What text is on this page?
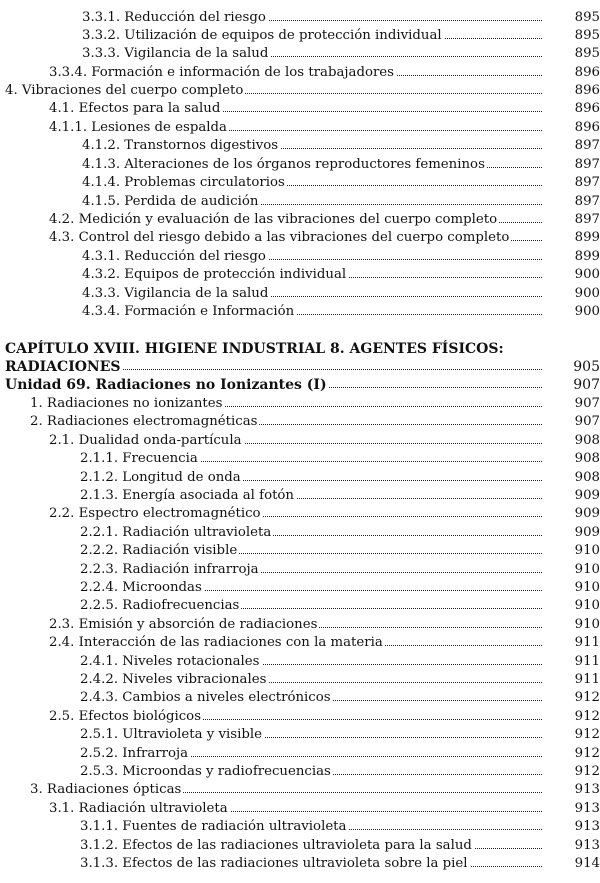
3.3.1. Reducción del riesgo	895
3.3.2. Utilización de equipos de protección individual	895
3.3.3. Vigilancia de la salud	895
3.3.4. Formación e información de los trabajadores	896
4. Vibraciones del cuerpo completo	896
4.1. Efectos para la salud	896
4.1.1. Lesiones de espalda	896
4.1.2. Transtornos digestivos	897
4.1.3. Alteraciones de los órganos reproductores femeninos	897
4.1.4. Problemas circulatorios	897
4.1.5. Perdida de audición	897
4.2. Medición y evaluación de las vibraciones del cuerpo completo	897
4.3. Control del riesgo debido a las vibraciones del cuerpo completo	899
4.3.1. Reducción del riesgo	899
4.3.2. Equipos de protección individual	900
4.3.3. Vigilancia de la salud	900
4.3.4. Formación e Información	900
CAPÍTULO XVIII. HIGIENE INDUSTRIAL 8. AGENTES FÍSICOS:
RADIACIONES	905
Unidad 69. Radiaciones no Ionizantes (I)	907
1. Radiaciones no ionizantes	907
2. Radiaciones electromagnéticas	907
2.1. Dualidad onda-partícula	908
2.1.1. Frecuencia	908
2.1.2. Longitud de onda	908
2.1.3. Energía asociada al fotón	909
2.2. Espectro electromagnético	909
2.2.1. Radiación ultravioleta	909
2.2.2. Radiación visible	910
2.2.3. Radiación infrarroja	910
2.2.4. Microondas	910
2.2.5. Radiofrecuencias	910
2.3. Emisión y absorción de radiaciones	910
2.4. Interacción de las radiaciones con la materia	911
2.4.1. Niveles rotacionales	911
2.4.2. Niveles vibracionales	911
2.4.3. Cambios a niveles electrónicos	912
2.5. Efectos biológicos	912
2.5.1. Ultravioleta y visible	912
2.5.2. Infrarroja	912
2.5.3. Microondas y radiofrecuencias	912
3. Radiaciones ópticas	913
3.1. Radiación ultravioleta	913
3.1.1. Fuentes de radiación ultravioleta	913
3.1.2. Efectos de las radiaciones ultravioleta para la salud	913
3.1.3. Efectos de las radiaciones ultravioleta sobre la piel	914
